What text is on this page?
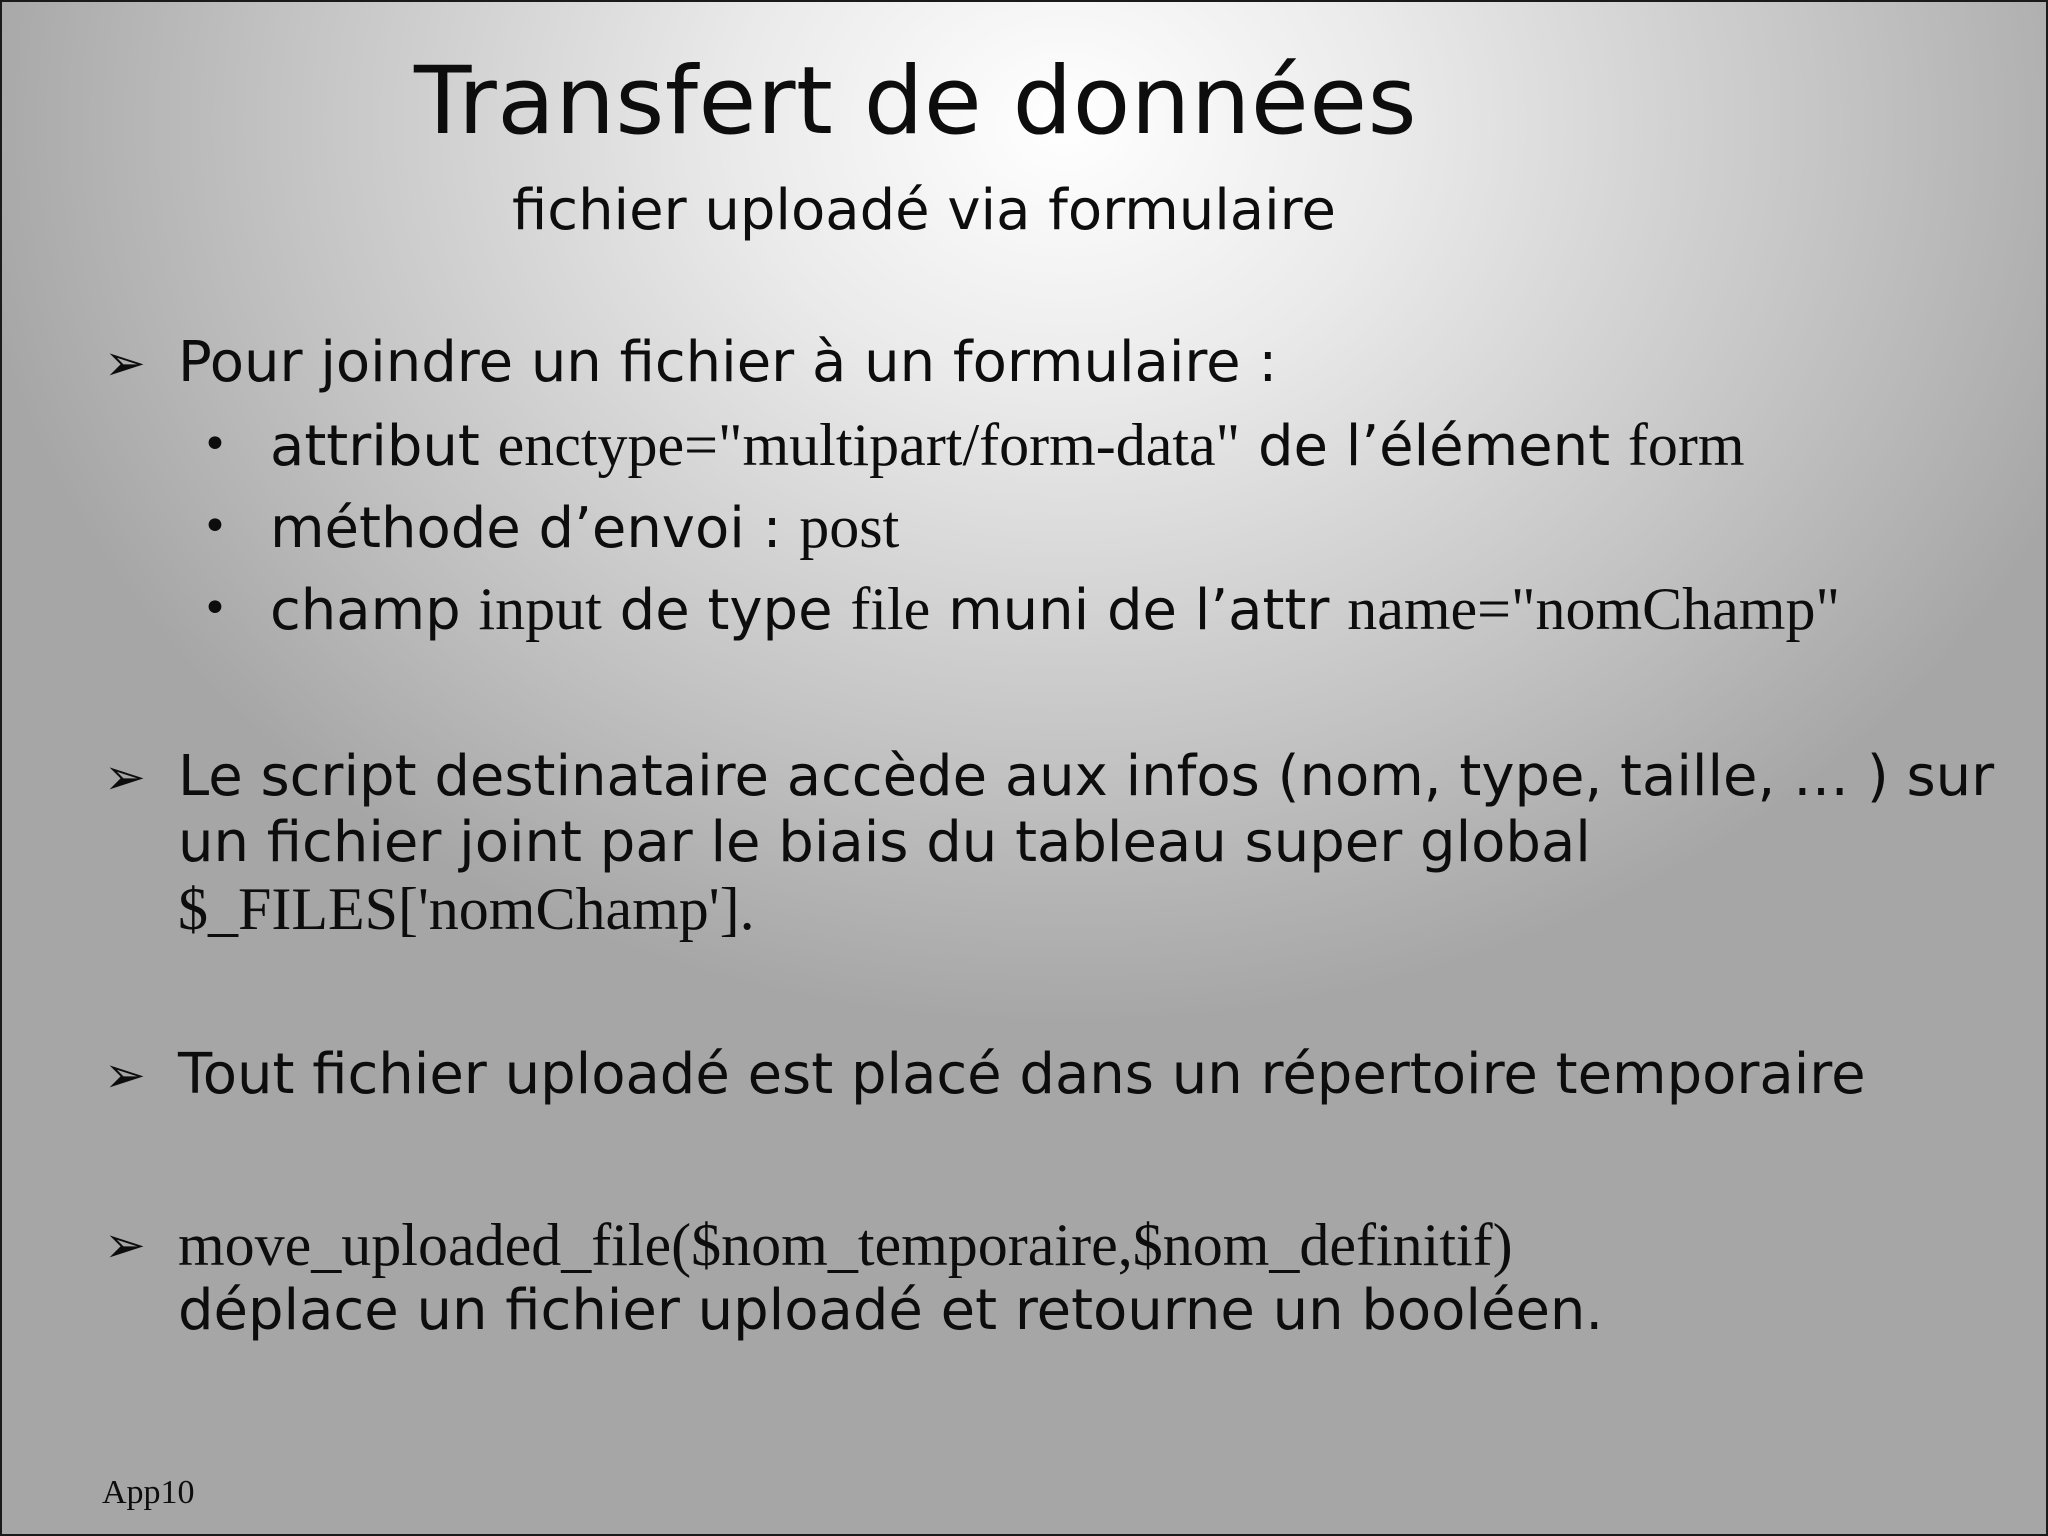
Transfert de données
fichier uploadé via formulaire
➢ Pour joindre un fichier à un formulaire :
• attribut enctype="multipart/form-data" de l’élément form
• méthode d’envoi : post
• champ input de type file muni de l’attr name="nomChamp"
➢ Le script destinataire accède aux infos (nom, type, taille, … ) sur
un fichier joint par le biais du tableau super global
$_FILES['nomChamp'].
➢ Tout fichier uploadé est placé dans un répertoire temporaire
➢ move_uploaded_file($nom_temporaire,$nom_definitif)
déplace un fichier uploadé et retourne un booléen.
App10
